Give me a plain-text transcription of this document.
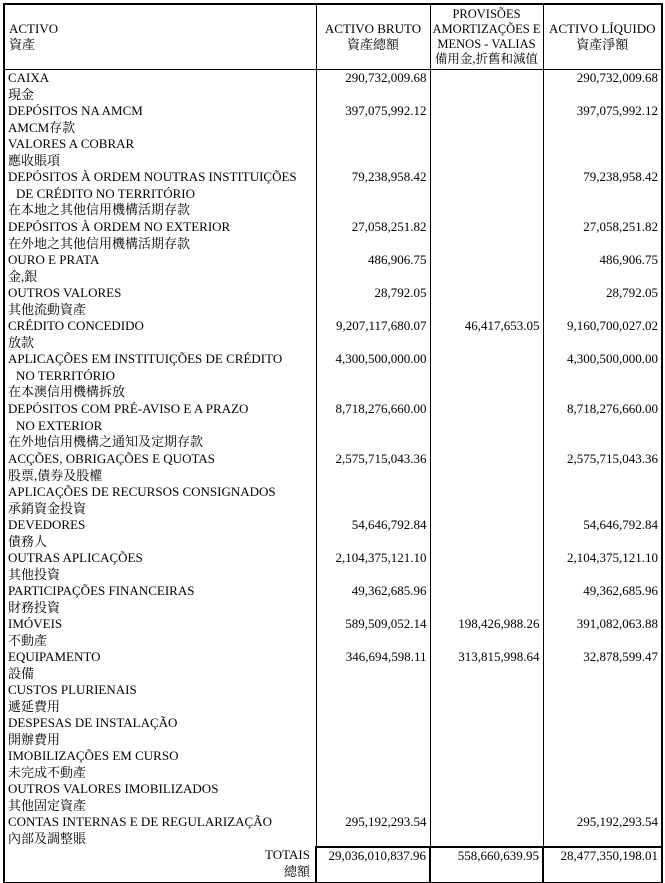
ACTIVO
資產

ACTIVO BRUTO
資產總額

PROVISÕES
AMORTIZAÇÕES E
MENOS - VALIAS
備用金,折舊和減值

ACTIVO LÍQUIDO
資產淨額

CAIXA
現金	290,732,009.68		290,732,009.68

DEPÓSITOS NA AMCM
AMCM存款	397,075,992.12		397,075,992.12

VALORES A COBRAR
應收賬項			

DEPÓSITOS À ORDEM NOUTRAS INSTITUIÇÕES
DE CRÉDITO NO TERRITÓRIO
在本地之其他信用機構活期存款	79,238,958.42		79,238,958.42

DEPÓSITOS À ORDEM NO EXTERIOR
在外地之其他信用機構活期存款	27,058,251.82		27,058,251.82

OURO E PRATA
金,銀	486,906.75		486,906.75

OUTROS VALORES
其他流動資產	28,792.05		28,792.05

CRÉDITO CONCEDIDO
放款	9,207,117,680.07	46,417,653.05	9,160,700,027.02

APLICAÇÕES EM INSTITUIÇÕES DE CRÉDITO
NO TERRITÓRIO
在本澳信用機構拆放	4,300,500,000.00		4,300,500,000.00

DEPÓSITOS COM PRÉ-AVISO E A PRAZO
NO EXTERIOR
在外地信用機構之通知及定期存款	8,718,276,660.00		8,718,276,660.00

ACÇÕES, OBRIGAÇÕES E QUOTAS
股票,債券及股權	2,575,715,043.36		2,575,715,043.36

APLICAÇÕES DE RECURSOS CONSIGNADOS
承銷資金投資			

DEVEDORES
債務人	54,646,792.84		54,646,792.84

OUTRAS APLICAÇÕES
其他投資	2,104,375,121.10		2,104,375,121.10

PARTICIPAÇÕES FINANCEIRAS
財務投資	49,362,685.96		49,362,685.96

IMÓVEIS
不動產	589,509,052.14	198,426,988.26	391,082,063.88

EQUIPAMENTO
設備	346,694,598.11	313,815,998.64	32,878,599.47

CUSTOS PLURIENAIS
遞延費用			

DESPESAS DE INSTALAÇÃO
開辦費用			

IMOBILIZAÇÕES EM CURSO
未完成不動產			

OUTROS VALORES IMOBILIZADOS
其他固定資產			

CONTAS INTERNAS E DE REGULARIZAÇÃO
內部及調整賬	295,192,293.54		295,192,293.54

TOTAIS
總額	29,036,010,837.96	558,660,639.95	28,477,350,198.01
